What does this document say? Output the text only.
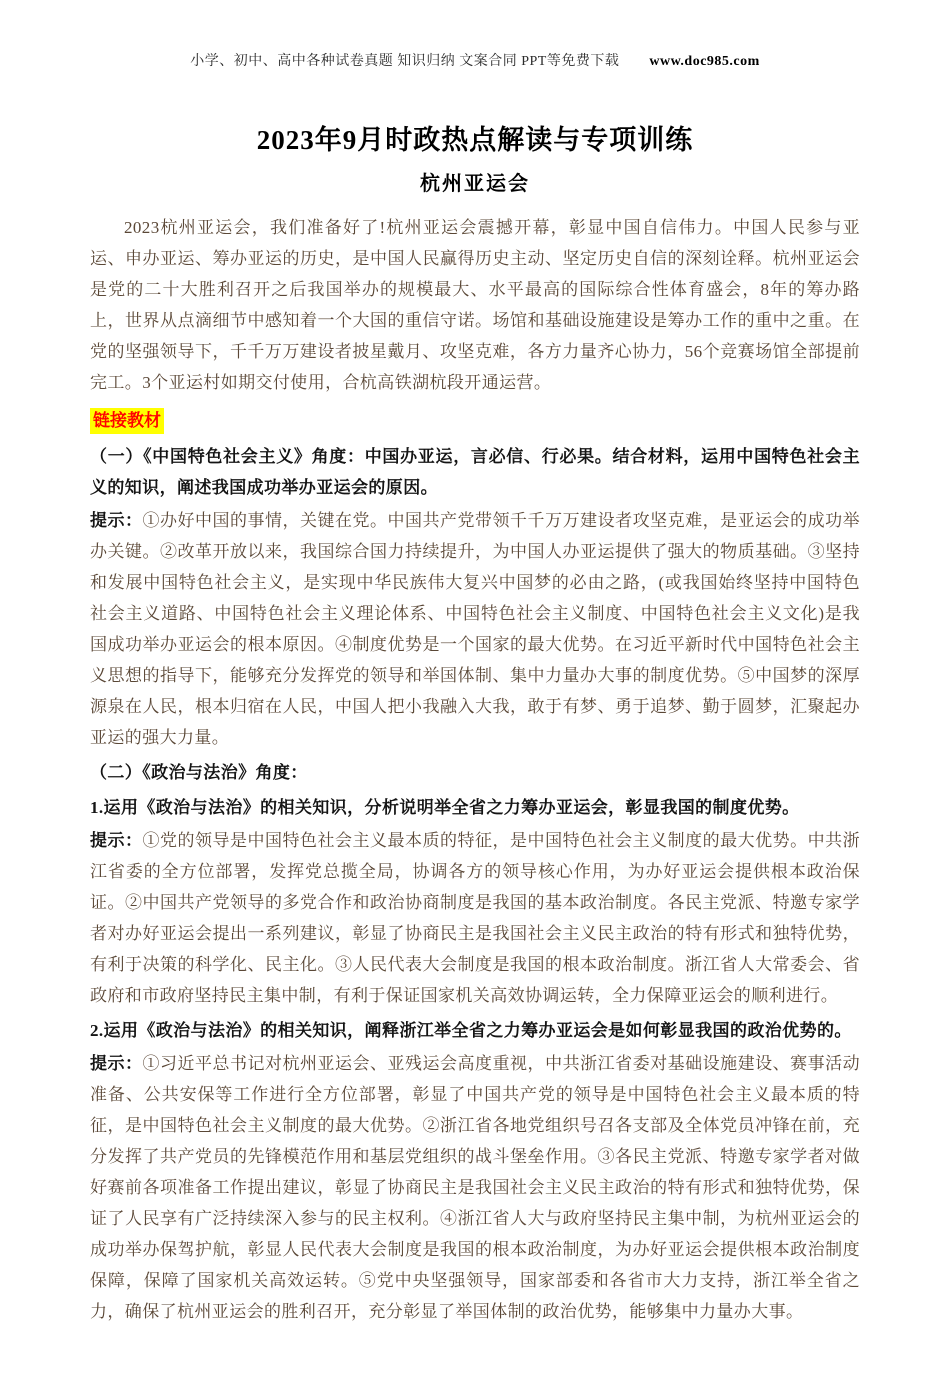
小学、初中、高中各种试卷真题 知识归纳 文案合同 PPT等免费下载 www.doc985.com
2023年9月时政热点解读与专项训练
杭州亚运会

2023杭州亚运会，我们准备好了!杭州亚运会震撼开幕，彰显中国自信伟力。中国人民参与亚运、申办亚运、筹办亚运的历史，是中国人民赢得历史主动、坚定历史自信的深刻诠释。杭州亚运会是党的二十大胜利召开之后我国举办的规模最大、水平最高的国际综合性体育盛会，8年的筹办路上，世界从点滴细节中感知着一个大国的重信守诺。场馆和基础设施建设是筹办工作的重中之重。在党的坚强领导下，千千万万建设者披星戴月、攻坚克难，各方力量齐心协力，56个竞赛场馆全部提前完工。3个亚运村如期交付使用，合杭高铁湖杭段开通运营。

链接教材

（一）《中国特色社会主义》角度：中国办亚运，言必信、行必果。结合材料，运用中国特色社会主义的知识，阐述我国成功举办亚运会的原因。

提示：①办好中国的事情，关键在党。中国共产党带领千千万万建设者攻坚克难，是亚运会的成功举办关键。②改革开放以来，我国综合国力持续提升，为中国人办亚运提供了强大的物质基础。③坚持和发展中国特色社会主义，是实现中华民族伟大复兴中国梦的必由之路，(或我国始终坚持中国特色社会主义道路、中国特色社会主义理论体系、中国特色社会主义制度、中国特色社会主义文化)是我国成功举办亚运会的根本原因。④制度优势是一个国家的最大优势。在习近平新时代中国特色社会主义思想的指导下，能够充分发挥党的领导和举国体制、集中力量办大事的制度优势。⑤中国梦的深厚源泉在人民，根本归宿在人民，中国人把小我融入大我，敢于有梦、勇于追梦、勤于圆梦，汇聚起办亚运的强大力量。

（二）《政治与法治》角度：

1.运用《政治与法治》的相关知识，分析说明举全省之力筹办亚运会，彰显我国的制度优势。

提示：①党的领导是中国特色社会主义最本质的特征，是中国特色社会主义制度的最大优势。中共浙江省委的全方位部署，发挥党总揽全局，协调各方的领导核心作用，为办好亚运会提供根本政治保证。②中国共产党领导的多党合作和政治协商制度是我国的基本政治制度。各民主党派、特邀专家学者对办好亚运会提出一系列建议，彰显了协商民主是我国社会主义民主政治的特有形式和独特优势，有利于决策的科学化、民主化。③人民代表大会制度是我国的根本政治制度。浙江省人大常委会、省政府和市政府坚持民主集中制，有利于保证国家机关高效协调运转，全力保障亚运会的顺利进行。

2.运用《政治与法治》的相关知识，阐释浙江举全省之力筹办亚运会是如何彰显我国的政治优势的。

提示：①习近平总书记对杭州亚运会、亚残运会高度重视，中共浙江省委对基础设施建设、赛事活动准备、公共安保等工作进行全方位部署，彰显了中国共产党的领导是中国特色社会主义最本质的特征，是中国特色社会主义制度的最大优势。②浙江省各地党组织号召各支部及全体党员冲锋在前，充分发挥了共产党员的先锋模范作用和基层党组织的战斗堡垒作用。③各民主党派、特邀专家学者对做好赛前各项准备工作提出建议，彰显了协商民主是我国社会主义民主政治的特有形式和独特优势，保证了人民享有广泛持续深入参与的民主权利。④浙江省人大与政府坚持民主集中制，为杭州亚运会的成功举办保驾护航，彰显人民代表大会制度是我国的根本政治制度，为办好亚运会提供根本政治制度保障，保障了国家机关高效运转。⑤党中央坚强领导，国家部委和各省市大力支持，浙江举全省之力，确保了杭州亚运会的胜利召开，充分彰显了举国体制的政治优势，能够集中力量办大事。
